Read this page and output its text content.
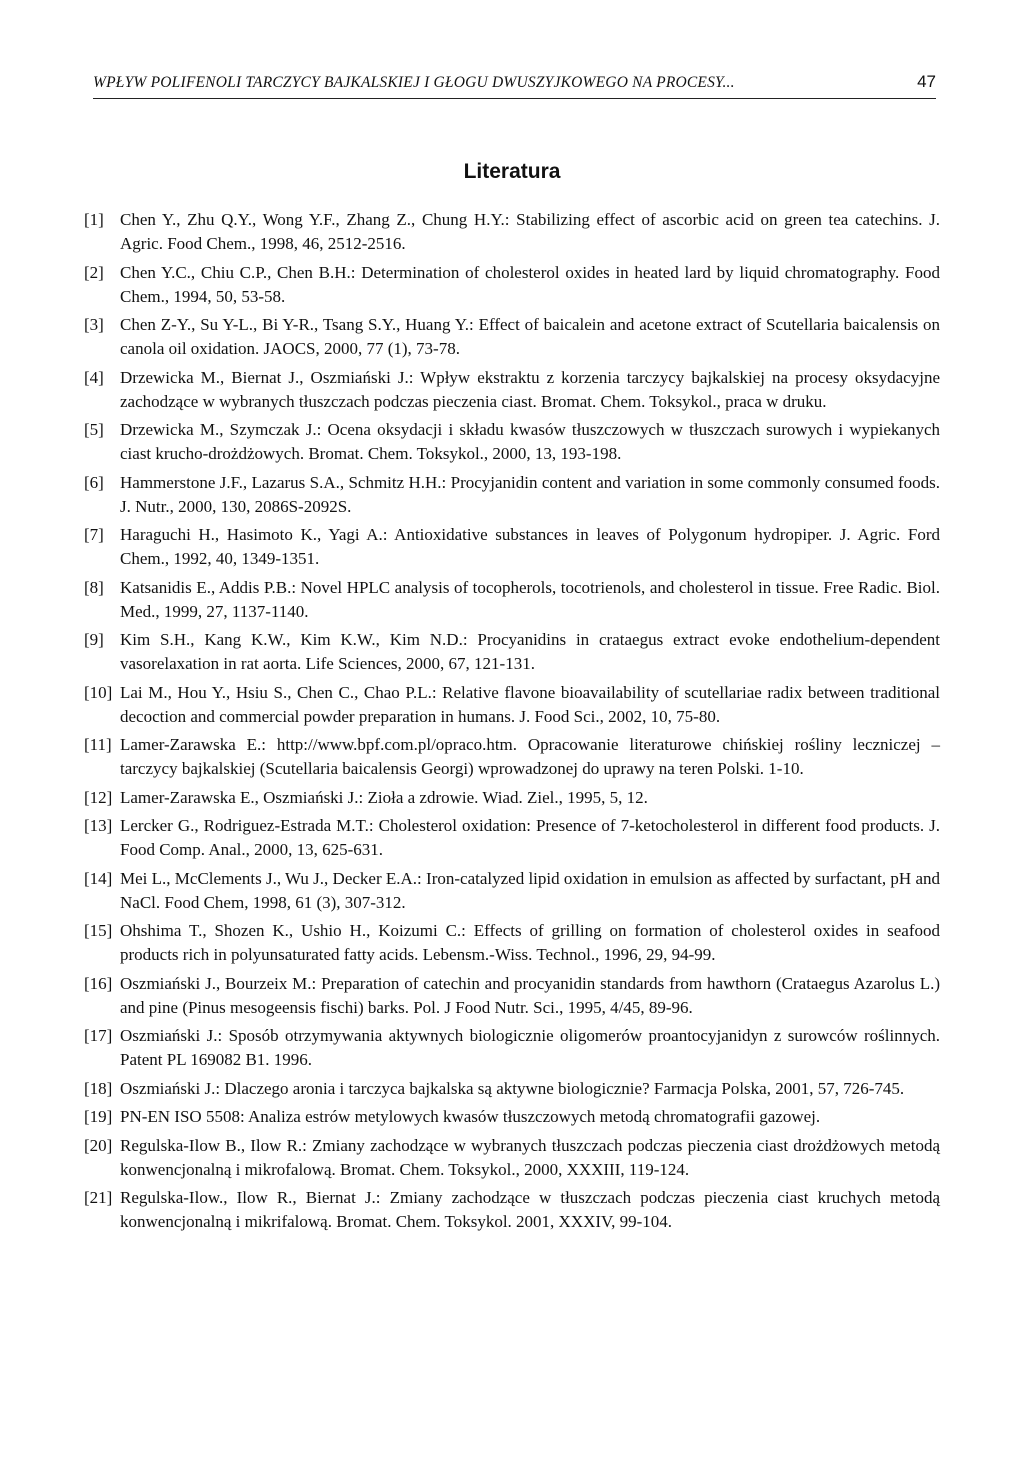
WPŁYW POLIFENOLI TARCZYCY BAJKALSKIEJ I GŁOGU DWUSZYJKOWEGO NA PROCESY...	47
Literatura
[1] Chen Y., Zhu Q.Y., Wong Y.F., Zhang Z., Chung H.Y.: Stabilizing effect of ascorbic acid on green tea catechins. J. Agric. Food Chem., 1998, 46, 2512-2516.
[2] Chen Y.C., Chiu C.P., Chen B.H.: Determination of cholesterol oxides in heated lard by liquid chromatography. Food Chem., 1994, 50, 53-58.
[3] Chen Z-Y., Su Y-L., Bi Y-R., Tsang S.Y., Huang Y.: Effect of baicalein and acetone extract of Scutellaria baicalensis on canola oil oxidation. JAOCS, 2000, 77 (1), 73-78.
[4] Drzewicka M., Biernat J., Oszmiański J.: Wpływ ekstraktu z korzenia tarczycy bajkalskiej na procesy oksydacyjne zachodzące w wybranych tłuszczach podczas pieczenia ciast. Bromat. Chem. Toksykol., praca w druku.
[5] Drzewicka M., Szymczak J.: Ocena oksydacji i składu kwasów tłuszczowych w tłuszczach surowych i wypiekanych ciast krucho-drożdżowych. Bromat. Chem. Toksykol., 2000, 13, 193-198.
[6] Hammerstone J.F., Lazarus S.A., Schmitz H.H.: Procyjanidin content and variation in some commonly consumed foods. J. Nutr., 2000, 130, 2086S-2092S.
[7] Haraguchi H., Hasimoto K., Yagi A.: Antioxidative substances in leaves of Polygonum hydropiper. J. Agric. Ford Chem., 1992, 40, 1349-1351.
[8] Katsanidis E., Addis P.B.: Novel HPLC analysis of tocopherols, tocotrienols, and cholesterol in tissue. Free Radic. Biol. Med., 1999, 27, 1137-1140.
[9] Kim S.H., Kang K.W., Kim K.W., Kim N.D.: Procyanidins in crataegus extract evoke endothelium-dependent vasorelaxation in rat aorta. Life Sciences, 2000, 67, 121-131.
[10] Lai M., Hou Y., Hsiu S., Chen C., Chao P.L.: Relative flavone bioavailability of scutellariae radix between traditional decoction and commercial powder preparation in humans. J. Food Sci., 2002, 10, 75-80.
[11] Lamer-Zarawska E.: http://www.bpf.com.pl/opraco.htm. Opracowanie literaturowe chińskiej rośliny leczniczej – tarczycy bajkalskiej (Scutellaria baicalensis Georgi) wprowadzonej do uprawy na teren Polski. 1-10.
[12] Lamer-Zarawska E., Oszmiański J.: Zioła a zdrowie. Wiad. Ziel., 1995, 5, 12.
[13] Lercker G., Rodriguez-Estrada M.T.: Cholesterol oxidation: Presence of 7-ketocholesterol in different food products. J. Food Comp. Anal., 2000, 13, 625-631.
[14] Mei L., McClements J., Wu J., Decker E.A.: Iron-catalyzed lipid oxidation in emulsion as affected by surfactant, pH and NaCl. Food Chem, 1998, 61 (3), 307-312.
[15] Ohshima T., Shozen K., Ushio H., Koizumi C.: Effects of grilling on formation of cholesterol oxides in seafood products rich in polyunsaturated fatty acids. Lebensm.-Wiss. Technol., 1996, 29, 94-99.
[16] Oszmiański J., Bourzeix M.: Preparation of catechin and procyanidin standards from hawthorn (Crataegus Azarolus L.) and pine (Pinus mesogeensis fischi) barks. Pol. J Food Nutr. Sci., 1995, 4/45, 89-96.
[17] Oszmiański J.: Sposób otrzymywania aktywnych biologicznie oligomerów proantocyjanidyn z surowców roślinnych. Patent PL 169082 B1. 1996.
[18] Oszmiański J.: Dlaczego aronia i tarczyca bajkalska są aktywne biologicznie? Farmacja Polska, 2001, 57, 726-745.
[19] PN-EN ISO 5508: Analiza estrów metylowych kwasów tłuszczowych metodą chromatografii gazowej.
[20] Regulska-Ilow B., Ilow R.: Zmiany zachodzące w wybranych tłuszczach podczas pieczenia ciast drożdżowych metodą konwencjonalną i mikrofalową. Bromat. Chem. Toksykol., 2000, XXXIII, 119-124.
[21] Regulska-Ilow., Ilow R., Biernat J.: Zmiany zachodzące w tłuszczach podczas pieczenia ciast kruchych metodą konwencjonalną i mikrifalową. Bromat. Chem. Toksykol. 2001, XXXIV, 99-104.
